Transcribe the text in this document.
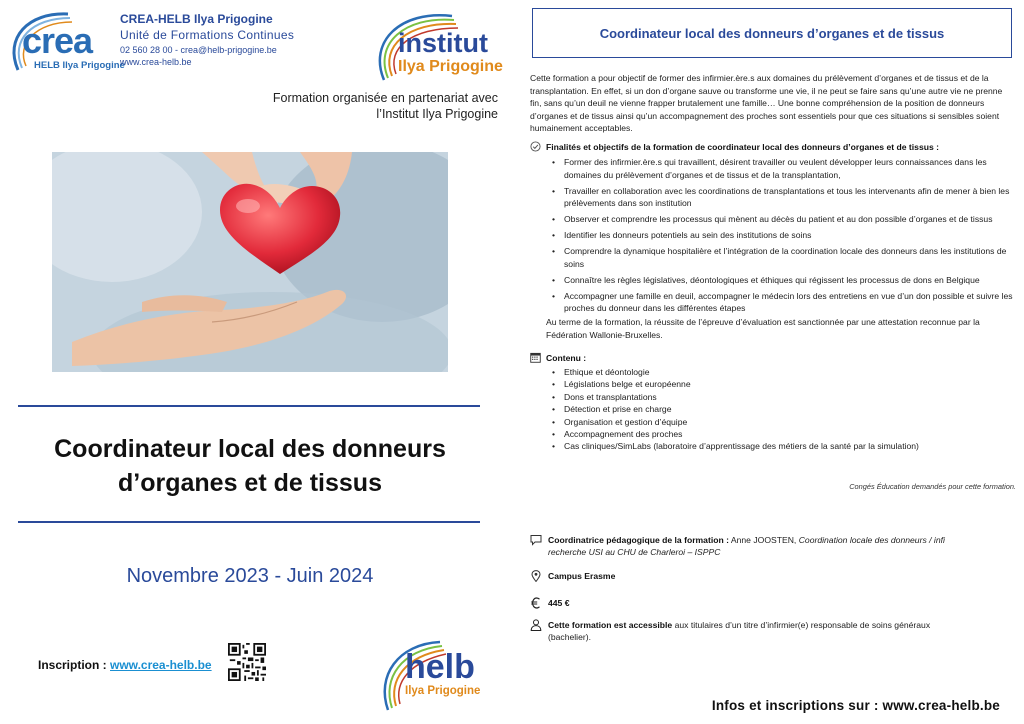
crea
HELB Ilya Prigogine
CREA-HELB Ilya Prigogine
Unité de Formations Continues
02 560 28 00 - crea@helb-prigogine.be
www.crea-helb.be
institut
Ilya Prigogine
Formation organisée en partenariat avec
l’Institut Ilya Prigogine
Coordinateur local des donneurs
d’organes et de tissus
Novembre 2023 - Juin 2024
Inscription : www.crea-helb.be	helb
Ilya Prigogine
Coordinateur local des donneurs d’organes et de tissus

Cette formation a pour objectif de former des infirmier.ère.s aux domaines du prélèvement d’organes et de tissus et de la transplantation. En effet, si un don d’organe sauve ou transforme une vie, il ne peut se faire sans qu’une autre vie ne prenne fin, sans qu’un deuil ne vienne frapper brutalement une famille… Une bonne compréhension de la position de donneurs d’organes et de tissus ainsi qu’un accompagnement des proches sont essentiels pour que ces situations si sensibles soient humainement acceptables.

Finalités et objectifs de la formation de coordinateur local des donneurs d’organes et de tissus :
• Former des infirmier.ère.s qui travaillent, désirent travailler ou veulent développer leurs connaissances dans les domaines du prélèvement d’organes et de tissus et de la transplantation,
• Travailler en collaboration avec les coordinations de transplantations et tous les intervenants afin de mener à bien les prélèvements dans son institution
• Observer et comprendre les processus qui mènent au décès du patient et au don possible d’organes et de tissus
• Identifier les donneurs potentiels au sein des institutions de soins
• Comprendre la dynamique hospitalière et l’intégration de la coordination locale des donneurs dans les institutions de soins
• Connaître les règles législatives, déontologiques et éthiques qui régissent les processus de dons en Belgique
• Accompagner une famille en deuil, accompagner le médecin lors des entretiens en vue d’un don possible et suivre les proches du donneur dans les différentes étapes

Au terme de la formation, la réussite de l’épreuve d’évaluation est sanctionnée par une attestation reconnue par la Fédération Wallonie-Bruxelles.

Contenu :
• Ethique et déontologie
• Législations belge et européenne
• Dons et transplantations
• Détection et prise en charge
• Organisation et gestion d’équipe
• Accompagnement des proches
• Cas cliniques/SimLabs (laboratoire d’apprentissage des métiers de la santé par la simulation)
Congés Éducation demandés pour cette formation.
Coordinatrice pédagogique de la formation : Anne JOOSTEN, Coordination locale des donneurs / infi recherche USI au CHU de Charleroi – ISPPC
Campus Erasme
445 €
Cette formation est accessible aux titulaires d’un titre d’infirmier(e) responsable de soins généraux (bachelier).
Infos et inscriptions sur : www.crea-helb.be
